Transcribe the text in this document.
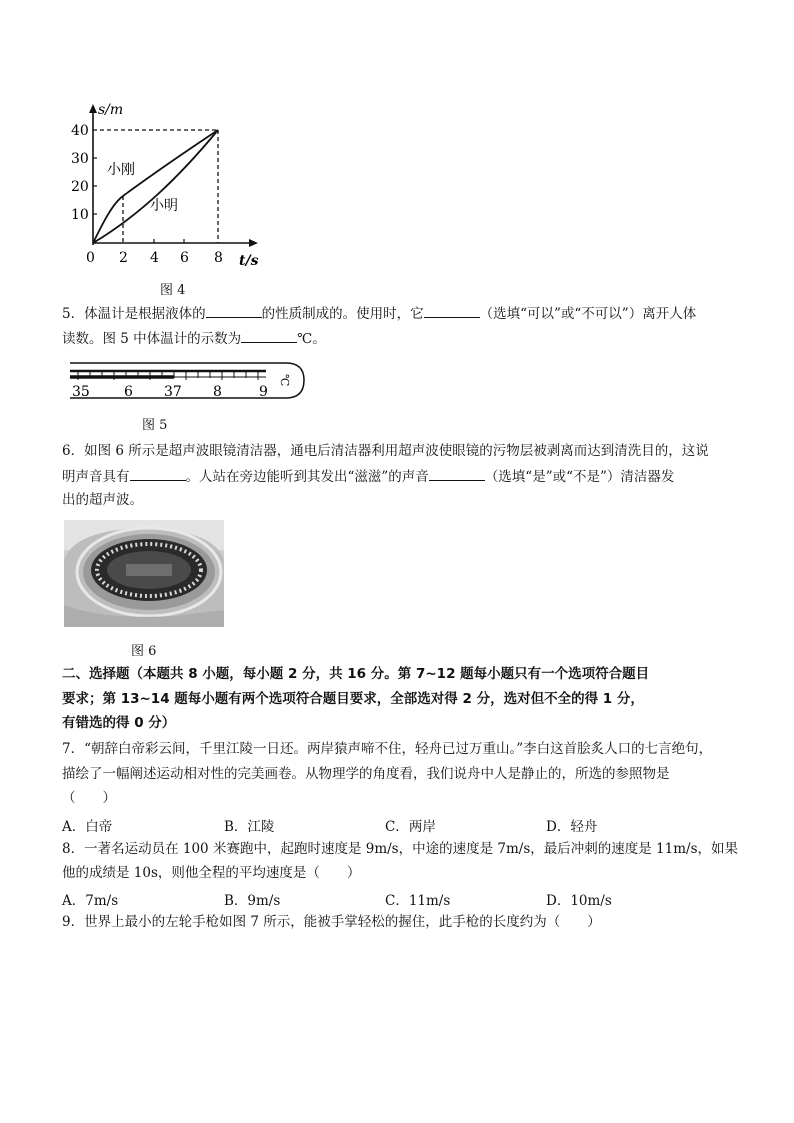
s/m
40
30
20
10
0 2 4 6 8 t/s
小刚
小明
图 4
5．体温计是根据液体的	的性质制成的。使用时，它	（选填“可以”或“不可以”）离开人体
读数。图 5 中体温计的示数为	℃。
35 6 37 8	9
℃
图 5
6．如图 6 所示是超声波眼镜清洁器，通电后清洁器利用超声波使眼镜的污物层被剥离而达到清洗目的，这说
明声音具有	。人站在旁边能听到其发出“滋滋”的声音	（选填“是”或“不是”）清洁器发
出的超声波。
图 6
二、选择题（本题共 8 小题，每小题 2 分，共 16 分。第 7~12 题每小题只有一个选项符合题目
要求；第 13~14 题每小题有两个选项符合题目要求，全部选对得 2 分，选对但不全的得 1 分，
有错选的得 0 分）
7．“朝辞白帝彩云间，千里江陵一日还。两岸猿声啼不住，轻舟已过万重山。”李白这首脍炙人口的七言绝句，
描绘了一幅阐述运动相对性的完美画卷。从物理学的角度看，我们说舟中人是静止的，所选的参照物是
（　　）
A．白帝	B．江陵	C．两岸	D．轻舟
8．一著名运动员在 100 米赛跑中，起跑时速度是 9m/s，中途的速度是 7m/s，最后冲刺的速度是 11m/s，如果
他的成绩是 10s，则他全程的平均速度是（　　）
A．7m/s	B．9m/s	C．11m/s	D．10m/s
9．世界上最小的左轮手枪如图 7 所示，能被手掌轻松的握住，此手枪的长度约为（　　）
